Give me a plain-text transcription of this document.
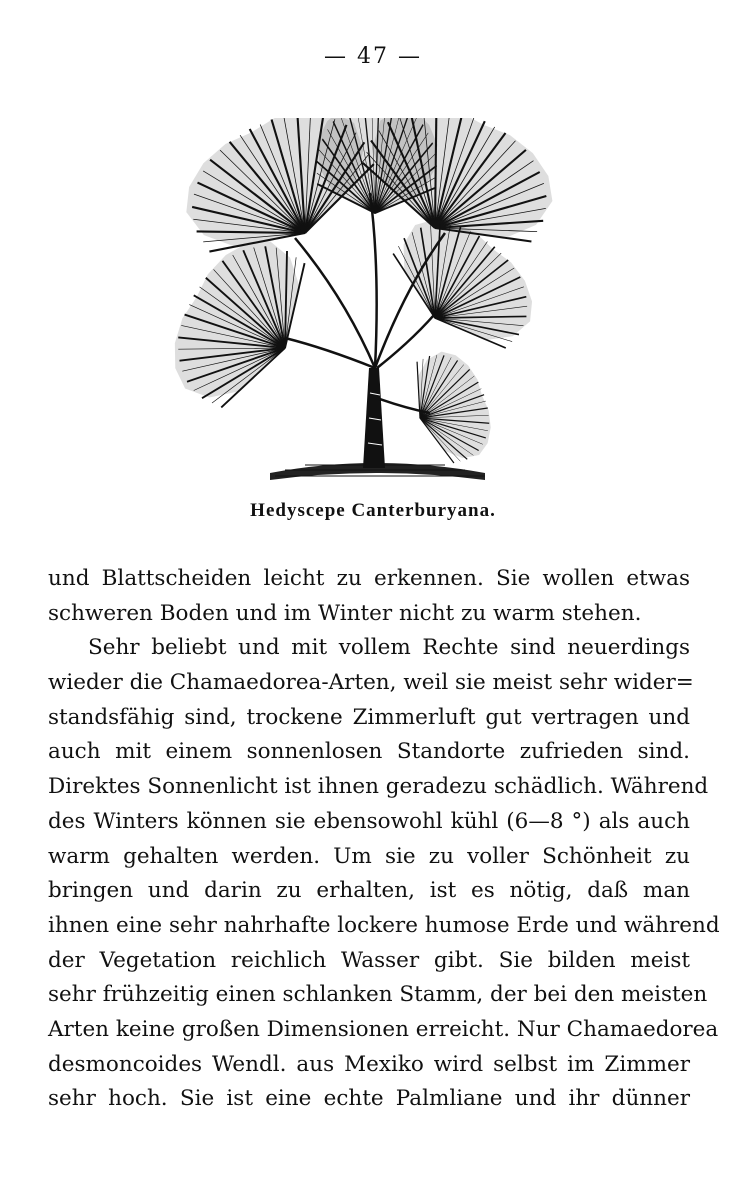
— 47 —
Hedyscepe Canterburyana.
und Blattscheiden leicht zu erkennen. Sie wollen etwas
schweren Boden und im Winter nicht zu warm stehen.
Sehr beliebt und mit vollem Rechte sind neuerdings
wieder die Chamaedorea-Arten, weil sie meist sehr wider=
standsfähig sind, trockene Zimmerluft gut vertragen und
auch mit einem sonnenlosen Standorte zufrieden sind.
Direktes Sonnenlicht ist ihnen geradezu schädlich. Während
des Winters können sie ebensowohl kühl (6—8 °) als auch
warm gehalten werden. Um sie zu voller Schönheit zu
bringen und darin zu erhalten, ist es nötig, daß man
ihnen eine sehr nahrhafte lockere humose Erde und während
der Vegetation reichlich Wasser gibt. Sie bilden meist
sehr frühzeitig einen schlanken Stamm, der bei den meisten
Arten keine großen Dimensionen erreicht. Nur Chamaedorea
desmoncoides Wendl. aus Mexiko wird selbst im Zimmer
sehr hoch. Sie ist eine echte Palmliane und ihr dünner
